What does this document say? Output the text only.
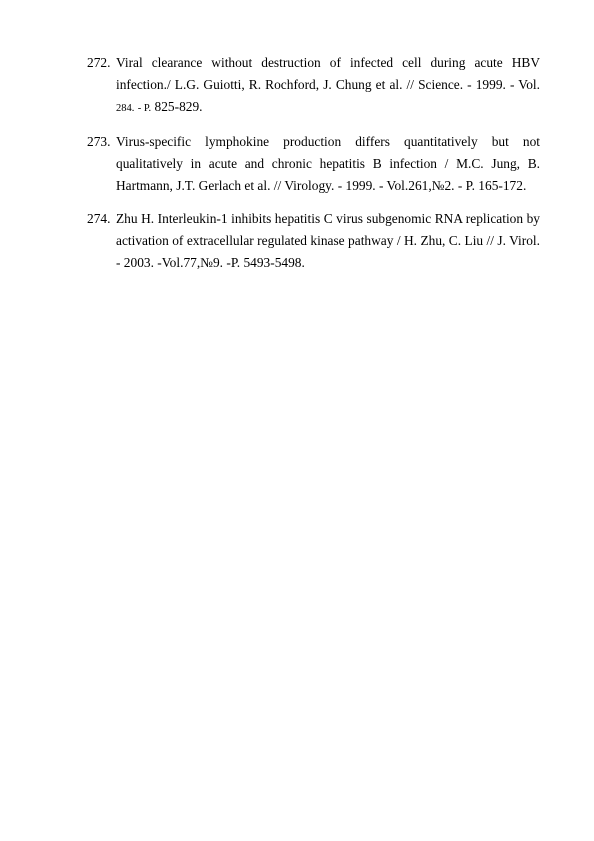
272. Viral clearance without destruction of infected cell during acute HBV infection./ L.G. Guiotti, R. Rochford, J. Chung et al. // Science. - 1999. - Vol. 284. - P. 825-829.
273. Virus-specific lymphokine production differs quantitatively but not qualitatively in acute and chronic hepatitis B infection / M.C. Jung, B. Hartmann, J.T. Gerlach et al. // Virology. - 1999. - Vol.261,№2. - P. 165-172.
274. Zhu H. Interleukin-1 inhibits hepatitis C virus subgenomic RNA replication by activation of extracellular regulated kinase pathway / H. Zhu, C. Liu // J. Virol. - 2003. -Vol.77,№9. -P. 5493-5498.
